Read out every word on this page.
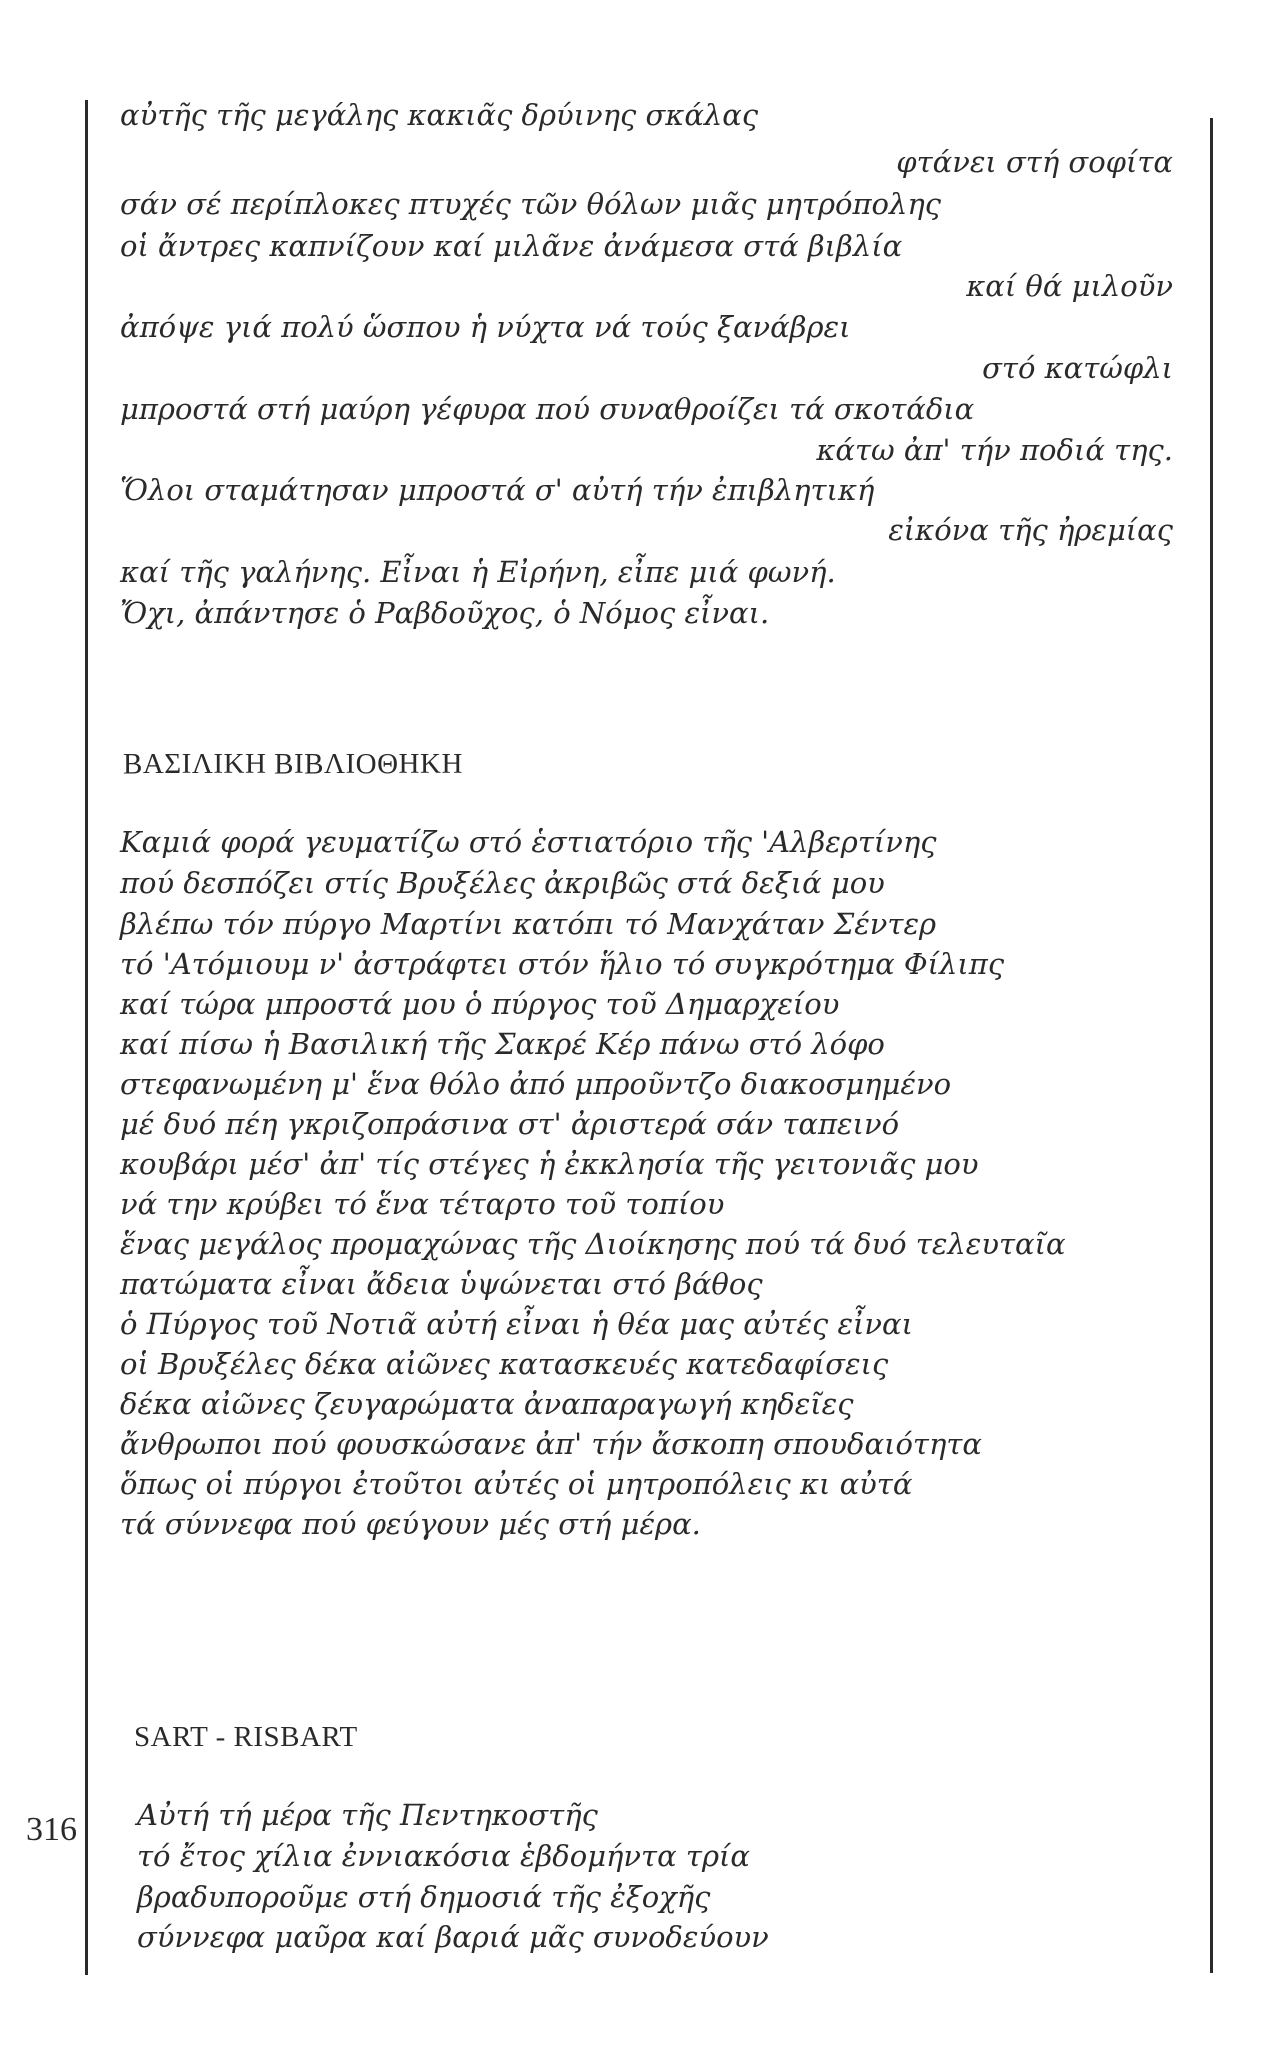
αὐτῆς τῆς μεγάλης κακιᾶς δρύινης σκάλας
φτάνει στή σοφίτα
σάν σέ περίπλοκες πτυχές τῶν θόλων μιᾶς μητρόπολης
οἱ ἄντρες καπνίζουν καί μιλᾶνε ἀνάμεσα στά βιβλία
καί θά μιλοῦν
ἀπόψε γιά πολύ ὥσπου ἡ νύχτα νά τούς ξανάβρει
στό κατώφλι
μπροστά στή μαύρη γέφυρα πού συναθροίζει τά σκοτάδια
κάτω ἀπ' τήν ποδιά της.
Ὅλοι σταμάτησαν μπροστά σ' αὐτή τήν ἐπιβλητική
εἰκόνα τῆς ἠρεμίας
καί τῆς γαλήνης. Εἶναι ἡ Εἰρήνη, εἶπε μιά φωνή.
Ὄχι, ἀπάντησε ὁ Ραβδοῦχος, ὁ Νόμος εἶναι.
ΒΑΣΙΛΙΚΗ ΒΙΒΛΙΟΘΗΚΗ
Καμιά φορά γευματίζω στό ἑστιατόριο τῆς 'Αλβερτίνης
πού δεσπόζει στίς Βρυξέλες ἀκριβῶς στά δεξιά μου
βλέπω τόν πύργο Μαρτίνι κατόπι τό Μανχάταν Σέντερ
τό 'Ατόμιουμ ν' ἀστράφτει στόν ἥλιο τό συγκρότημα Φίλιπς
καί τώρα μπροστά μου ὁ πύργος τοῦ Δημαρχείου
καί πίσω ἡ Βασιλική τῆς Σακρέ Κέρ πάνω στό λόφο
στεφανωμένη μ' ἕνα θόλο ἀπό μπροῦντζο διακοσμημένο
μέ δυό πέη γκριζοπράσινα στ' ἀριστερά σάν ταπεινό
κουβάρι μέσ' ἀπ' τίς στέγες ἡ ἐκκλησία τῆς γειτονιᾶς μου
νά την κρύβει τό ἕνα τέταρτο τοῦ τοπίου
ἕνας μεγάλος προμαχώνας τῆς Διοίκησης πού τά δυό τελευταῖα
πατώματα εἶναι ἄδεια ὑψώνεται στό βάθος
ὁ Πύργος τοῦ Νοτιᾶ αὐτή εἶναι ἡ θέα μας αὐτές εἶναι
οἱ Βρυξέλες δέκα αἰῶνες κατασκευές κατεδαφίσεις
δέκα αἰῶνες ζευγαρώματα ἀναπαραγωγή κηδεῖες
ἄνθρωποι πού φουσκώσανε ἀπ' τήν ἄσκοπη σπουδαιότητα
ὅπως οἱ πύργοι ἐτοῦτοι αὐτές οἱ μητροπόλεις κι αὐτά
τά σύννεφα πού φεύγουν μές στή μέρα.
SART - RISBART
Αὐτή τή μέρα τῆς Πεντηκοστῆς
τό ἔτος χίλια ἐννιακόσια ἑβδομήντα τρία
βραδυποροῦμε στή δημοσιά τῆς ἐξοχῆς
σύννεφα μαῦρα καί βαριά μᾶς συνοδεύουν
316
